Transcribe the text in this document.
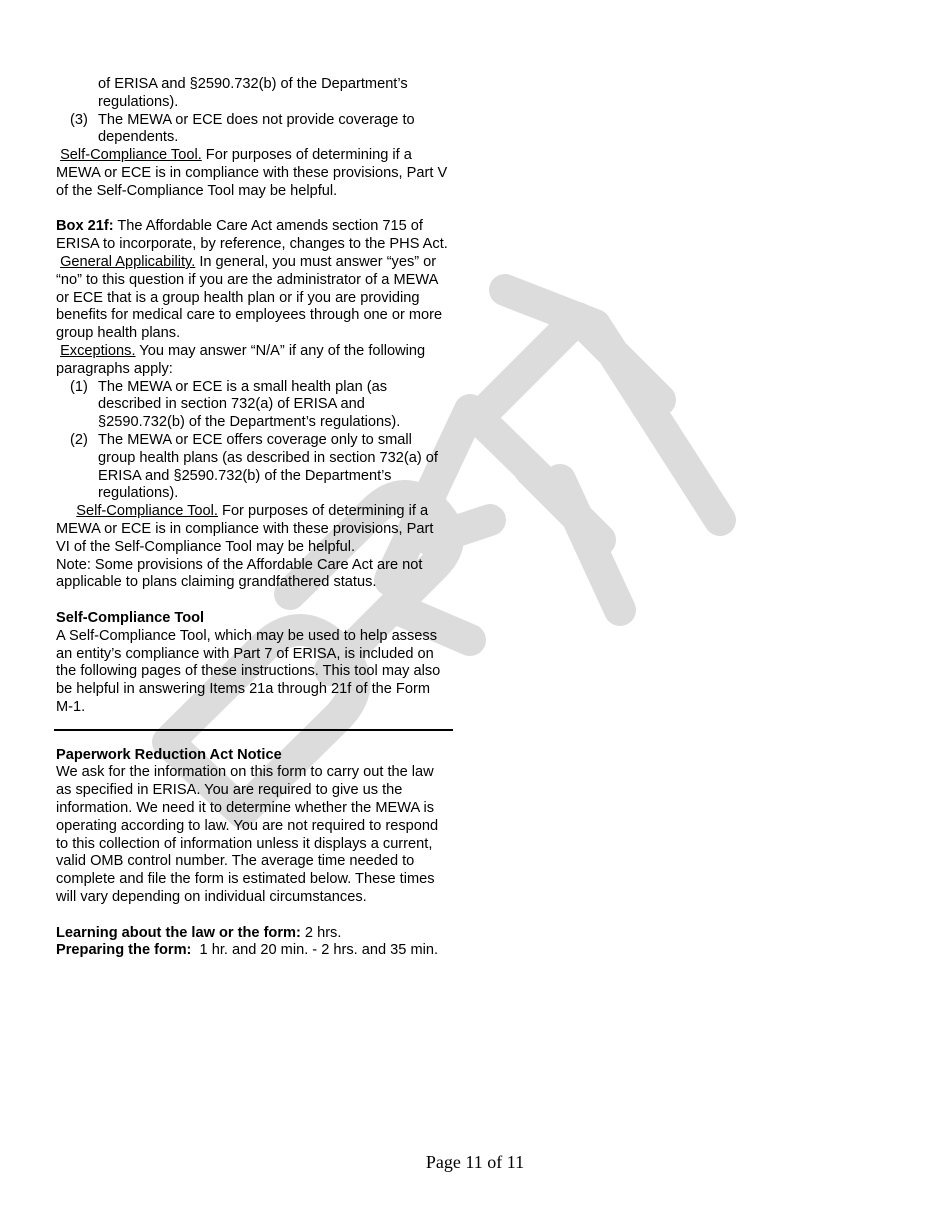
of ERISA and §2590.732(b) of the Department’s regulations).

(3) The MEWA or ECE does not provide coverage to dependents.

Self-Compliance Tool. For purposes of determining if a MEWA or ECE is in compliance with these provisions, Part V of the Self-Compliance Tool may be helpful.

Box 21f: The Affordable Care Act amends section 715 of ERISA to incorporate, by reference, changes to the PHS Act.

General Applicability. In general, you must answer “yes” or “no” to this question if you are the administrator of a MEWA or ECE that is a group health plan or if you are providing benefits for medical care to employees through one or more group health plans.

Exceptions. You may answer “N/A” if any of the following paragraphs apply:

(1) The MEWA or ECE is a small health plan (as described in section 732(a) of ERISA and §2590.732(b) of the Department’s regulations).
(2) The MEWA or ECE offers coverage only to small group health plans (as described in section 732(a) of ERISA and §2590.732(b) of the Department’s regulations).

Self-Compliance Tool. For purposes of determining if a MEWA or ECE is in compliance with these provisions, Part VI of the Self-Compliance Tool may be helpful.

Note: Some provisions of the Affordable Care Act are not applicable to plans claiming grandfathered status.

Self-Compliance Tool

A Self-Compliance Tool, which may be used to help assess an entity’s compliance with Part 7 of ERISA, is included on the following pages of these instructions. This tool may also be helpful in answering Items 21a through 21f of the Form M-1.

Paperwork Reduction Act Notice

We ask for the information on this form to carry out the law as specified in ERISA. You are required to give us the information. We need it to determine whether the MEWA is operating according to law. You are not required to respond to this collection of information unless it displays a current, valid OMB control number. The average time needed to complete and file the form is estimated below. These times will vary depending on individual circumstances.

Learning about the law or the form: 2 hrs.

Preparing the form:  1 hr. and 20 min. - 2 hrs. and 35 min.

Page 11 of 11
